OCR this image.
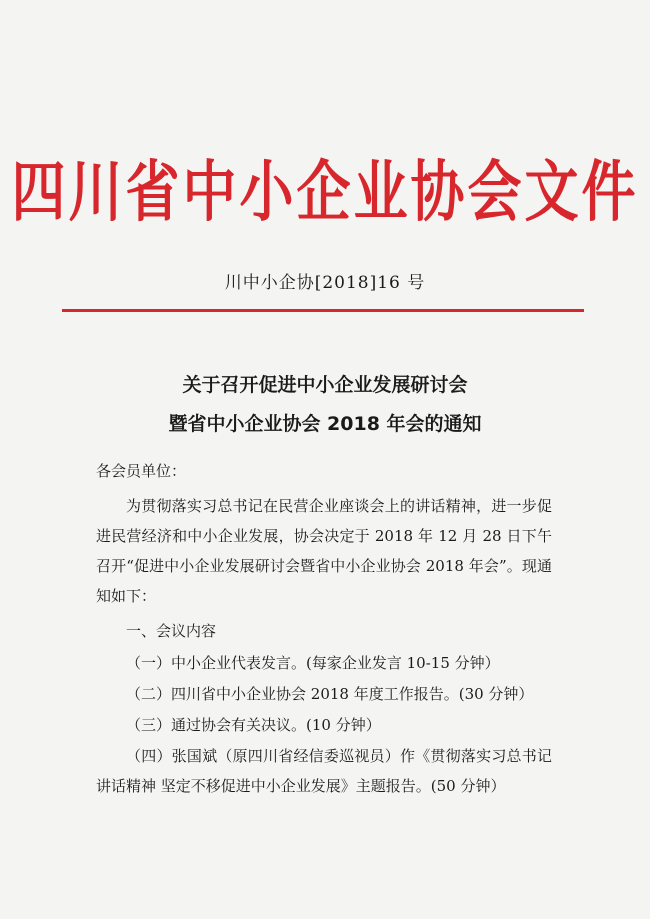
四川省中小企业协会文件
川中小企协[2018]16 号
关于召开促进中小企业发展研讨会
暨省中小企业协会 2018 年会的通知
各会员单位：
为贯彻落实习总书记在民营企业座谈会上的讲话精神，进一步促进民营经济和中小企业发展，协会决定于 2018 年 12 月 28 日下午召开“促进中小企业发展研讨会暨省中小企业协会 2018 年会”。现通知如下：
一、会议内容
（一）中小企业代表发言。(每家企业发言 10-15 分钟）
（二）四川省中小企业协会 2018 年度工作报告。(30 分钟）
（三）通过协会有关决议。(10 分钟）
（四）张国斌（原四川省经信委巡视员）作《贯彻落实习总书记讲话精神 坚定不移促进中小企业发展》主题报告。(50 分钟）
